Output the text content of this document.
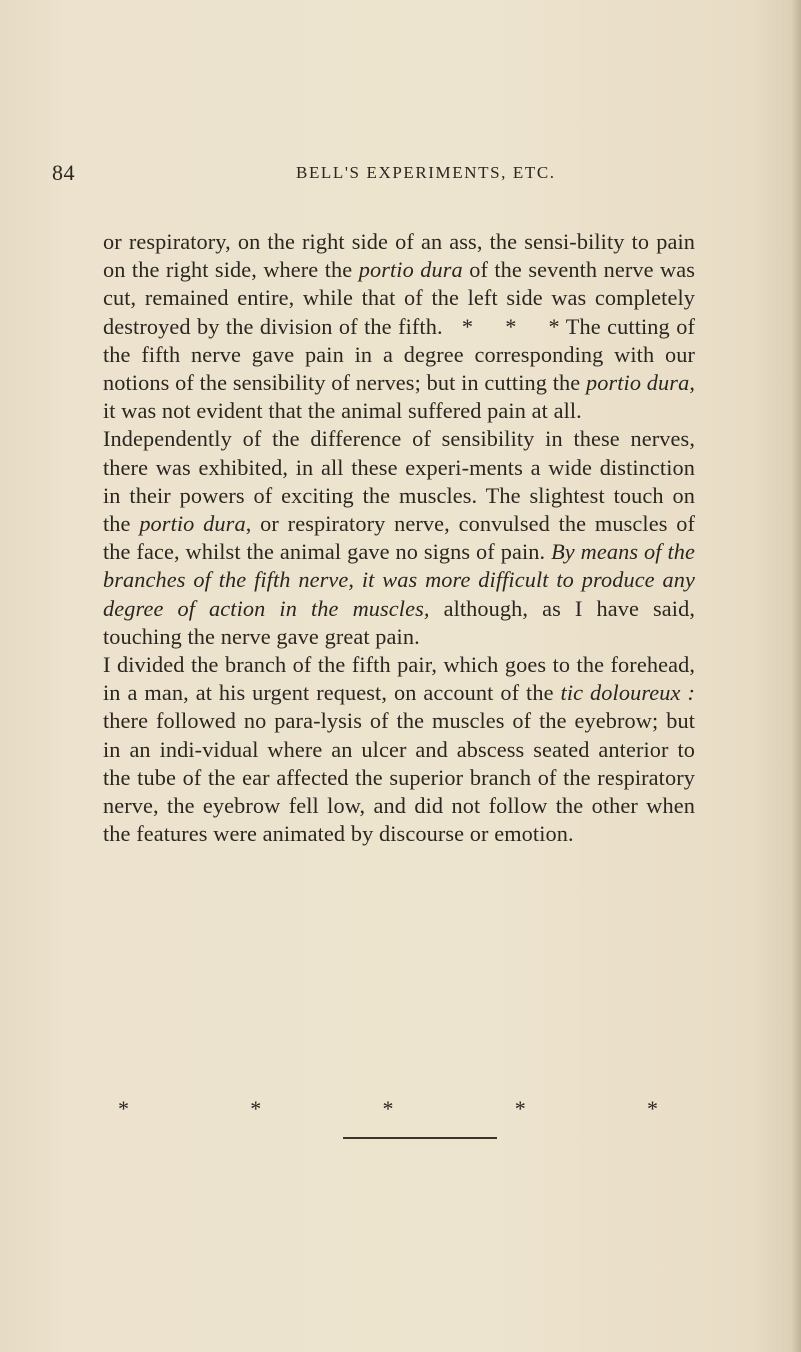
84	BELL'S EXPERIMENTS, ETC.

or respiratory, on the right side of an ass, the sensi-bility to pain on the right side, where the portio dura of the seventh nerve was cut, remained entire, while that of the left side was completely destroyed by the division of the fifth.   *     *     * The cutting of the fifth nerve gave pain in a degree corresponding with our notions of the sensibility of nerves; but in cutting the portio dura, it was not evident that the animal suffered pain at all.

Independently of the difference of sensibility in these nerves, there was exhibited, in all these experi-ments a wide distinction in their powers of exciting the muscles. The slightest touch on the portio dura, or respiratory nerve, convulsed the muscles of the face, whilst the animal gave no signs of pain. By means of the branches of the fifth nerve, it was more difficult to produce any degree of action in the muscles, although, as I have said, touching the nerve gave great pain.

I divided the branch of the fifth pair, which goes to the forehead, in a man, at his urgent request, on account of the tic doloureux : there followed no para-lysis of the muscles of the eyebrow; but in an indi-vidual where an ulcer and abscess seated anterior to the tube of the ear affected the superior branch of the respiratory nerve, the eyebrow fell low, and did not follow the other when the features were animated by discourse or emotion.

*	*	*	*	*
